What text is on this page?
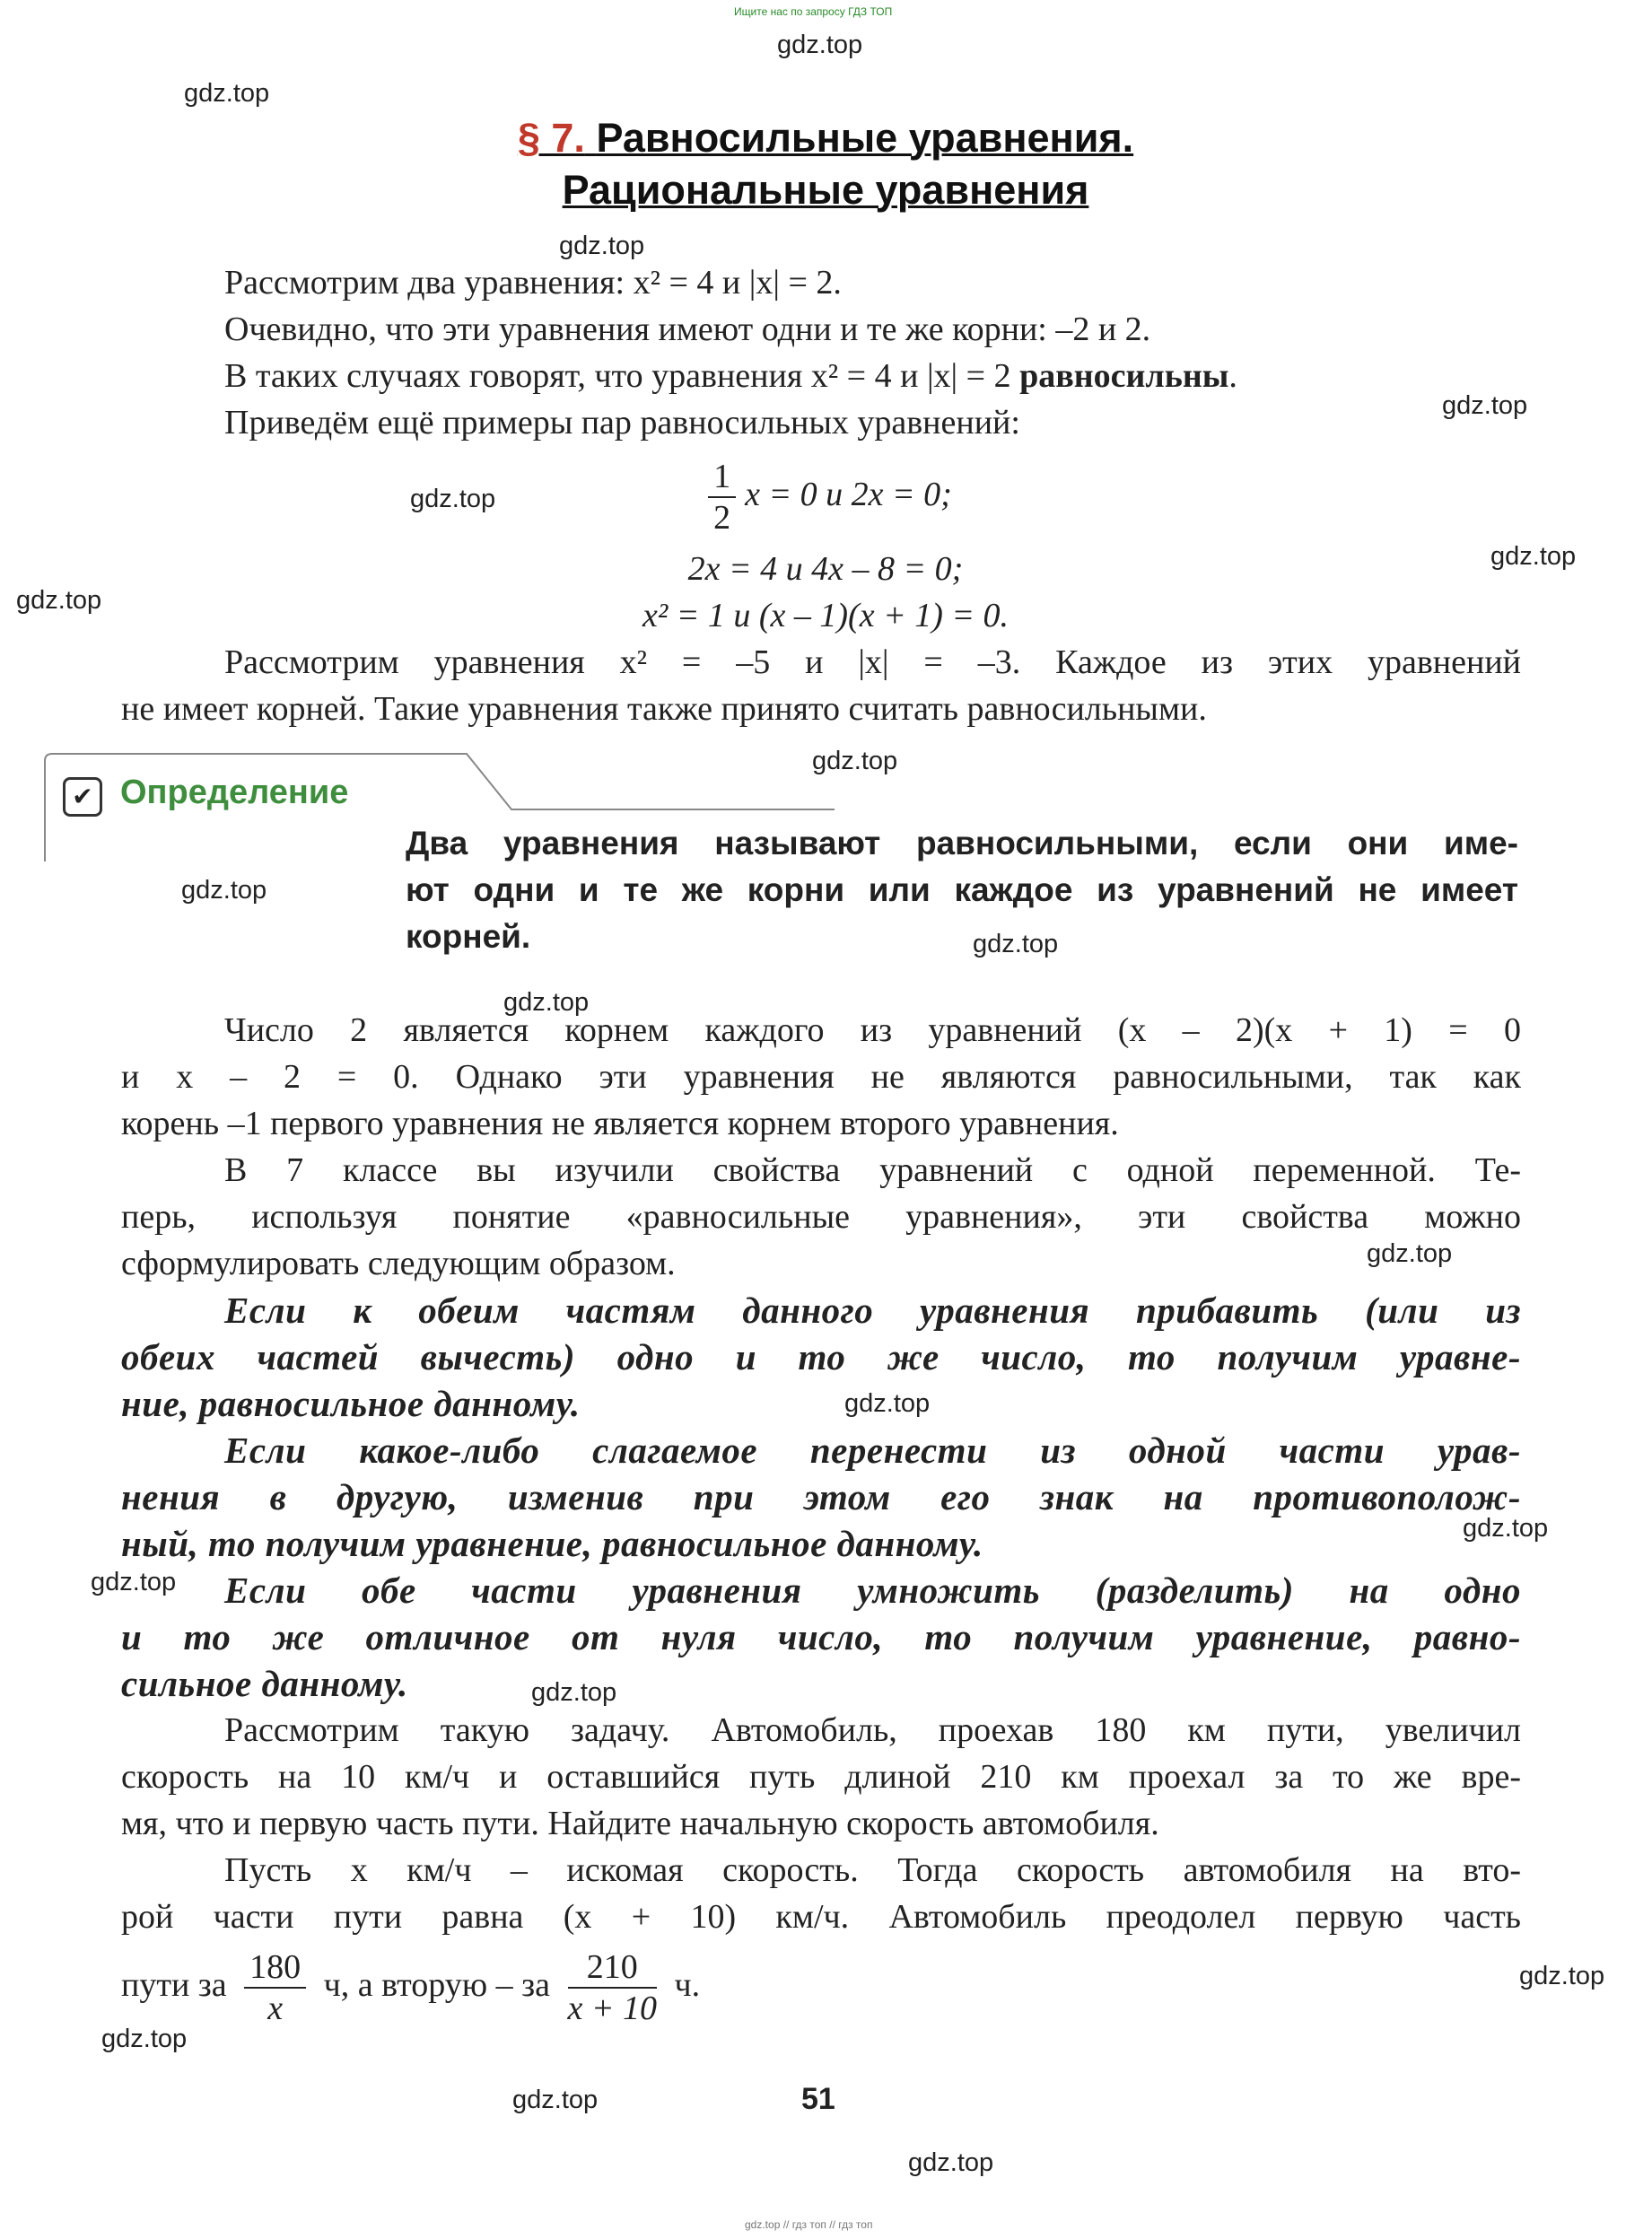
Ищите нас по запросу ГДЗ ТОП
gdz.top
gdz.top
gdz.top
gdz.top
gdz.top
gdz.top
gdz.top
gdz.top
gdz.top
gdz.top
gdz.top
gdz.top
gdz.top
gdz.top
gdz.top
gdz.top
gdz.top
gdz.top
gdz.top
gdz.top
§ 7. Равносильные уравнения.
Рациональные уравнения
Рассмотрим два уравнения: x² = 4 и |x| = 2.
Очевидно, что эти уравнения имеют одни и те же корни: –2 и 2.
В таких случаях говорят, что уравнения x² = 4 и |x| = 2 равносильны.
Приведём ещё примеры пар равносильных уравнений:
$\frac{1}{2}$ x = 0 и 2x = 0;
2x = 4 и 4x – 8 = 0;
x² = 1 и (x – 1)(x + 1) = 0.
Рассмотрим уравнения x² = –5 и |x| = –3. Каждое из этих уравнений
не имеет корней. Такие уравнения также принято считать равносильными.
✔ Определение
Два уравнения называют равносильными, если они име-
ют одни и те же корни или каждое из уравнений не имеет
корней.
Число 2 является корнем каждого из уравнений (x – 2)(x + 1) = 0
и x – 2 = 0. Однако эти уравнения не являются равносильными, так как
корень –1 первого уравнения не является корнем второго уравнения.
В 7 классе вы изучили свойства уравнений с одной переменной. Те-
перь, используя понятие «равносильные уравнения», эти свойства можно
сформулировать следующим образом.
Если к обеим частям данного уравнения прибавить (или из
обеих частей вычесть) одно и то же число, то получим уравне-
ние, равносильное данному.
Если какое-либо слагаемое перенести из одной части урав-
нения в другую, изменив при этом его знак на противополож-
ный, то получим уравнение, равносильное данному.
Если обе части уравнения умножить (разделить) на одно
и то же отличное от нуля число, то получим уравнение, равно-
сильное данному.
Рассмотрим такую задачу. Автомобиль, проехав 180 км пути, увеличил
скорость на 10 км/ч и оставшийся путь длиной 210 км проехал за то же вре-
мя, что и первую часть пути. Найдите начальную скорость автомобиля.
Пусть x км/ч – искомая скорость. Тогда скорость автомобиля на вто-
рой части пути равна (x + 10) км/ч. Автомобиль преодолел первую часть
пути за $\frac{180}{x} ч$, а вторую – за $\frac{210}{x + 10} ч$.
51
gdz.top // гдз топ // гдз топ
